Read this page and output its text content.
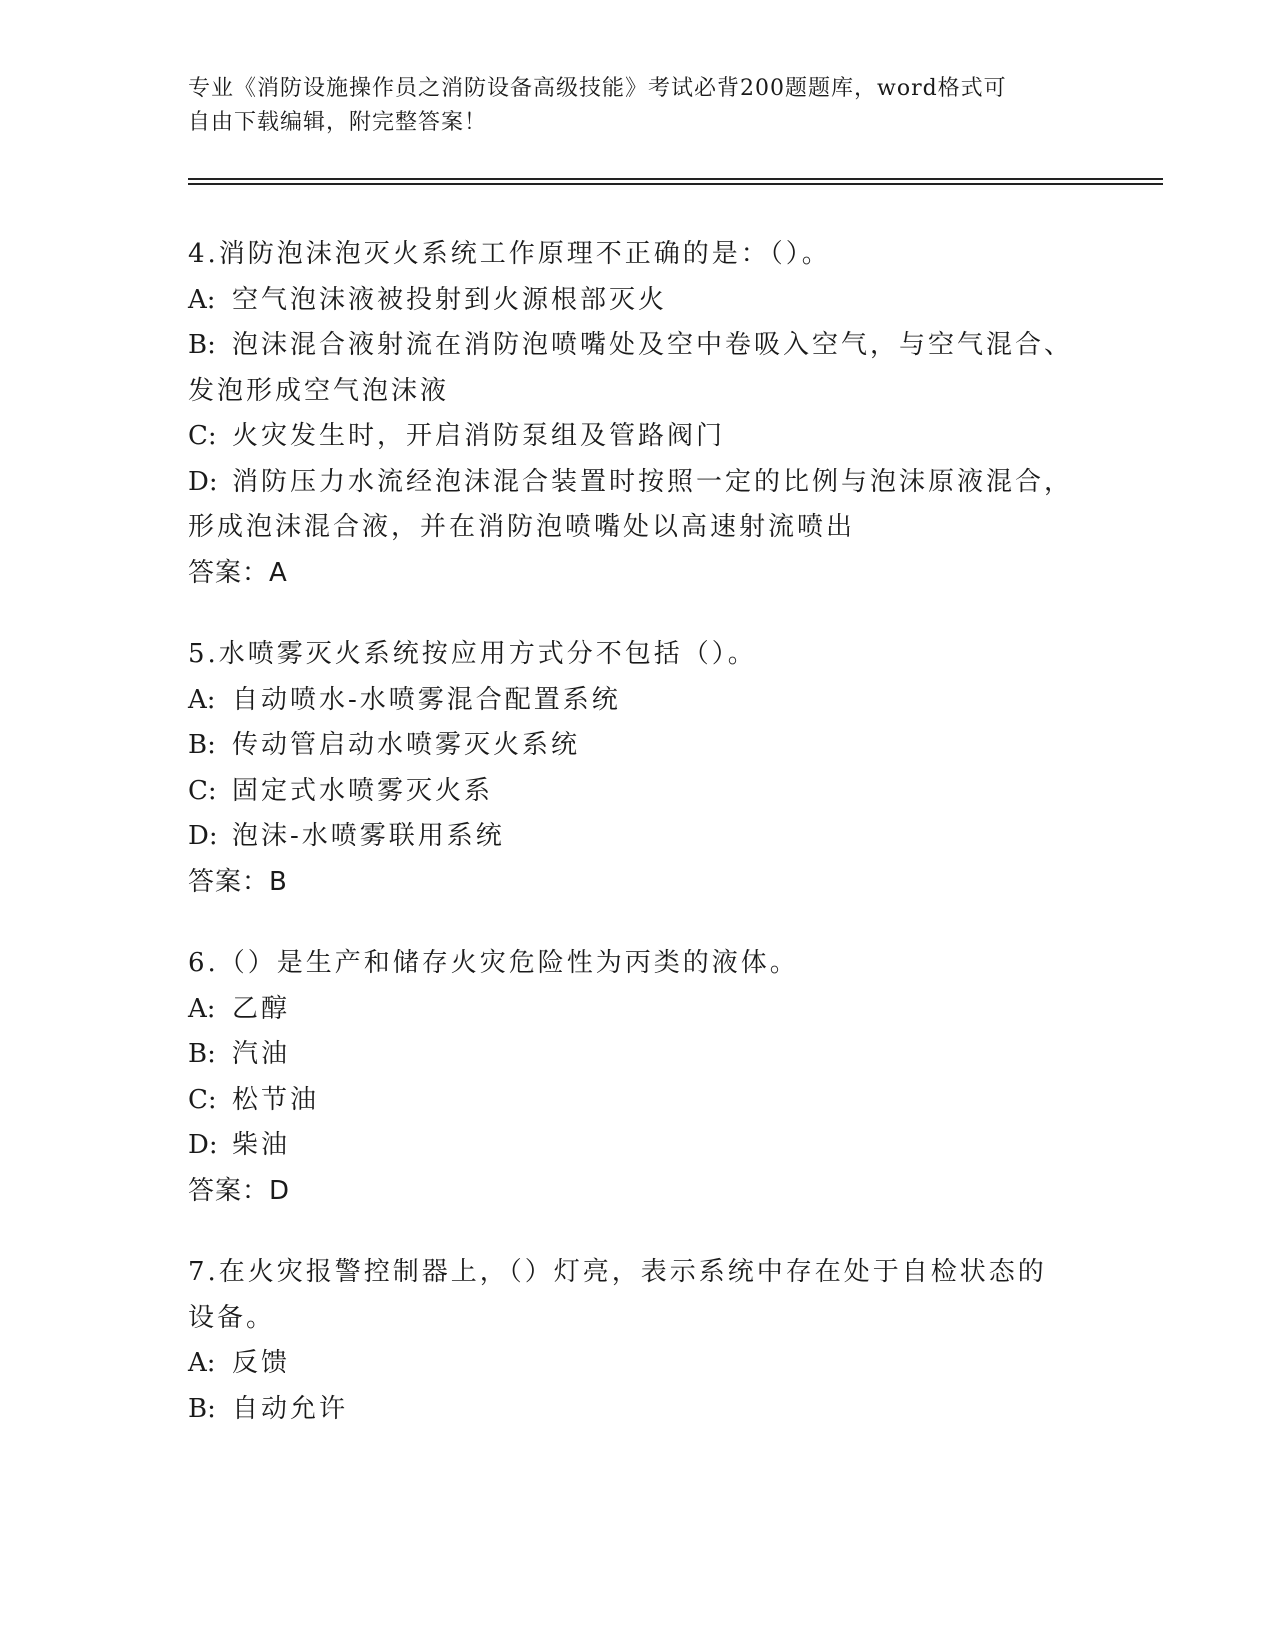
专业《消防设施操作员之消防设备高级技能》考试必背200题题库，word格式可
自由下载编辑，附完整答案！
4.消防泡沫泡灭火系统工作原理不正确的是：（）。
A: 空气泡沫液被投射到火源根部灭火
B: 泡沫混合液射流在消防泡喷嘴处及空中卷吸入空气，与空气混合、
发泡形成空气泡沫液
C: 火灾发生时，开启消防泵组及管路阀门
D: 消防压力水流经泡沫混合装置时按照一定的比例与泡沫原液混合，
形成泡沫混合液，并在消防泡喷嘴处以高速射流喷出
答案：A
5.水喷雾灭火系统按应用方式分不包括（）。
A: 自动喷水-水喷雾混合配置系统
B: 传动管启动水喷雾灭火系统
C: 固定式水喷雾灭火系
D: 泡沫-水喷雾联用系统
答案：B
6.（）是生产和储存火灾危险性为丙类的液体。
A: 乙醇
B: 汽油
C: 松节油
D: 柴油
答案：D
7.在火灾报警控制器上，（）灯亮，表示系统中存在处于自检状态的
设备。
A: 反馈
B: 自动允许
